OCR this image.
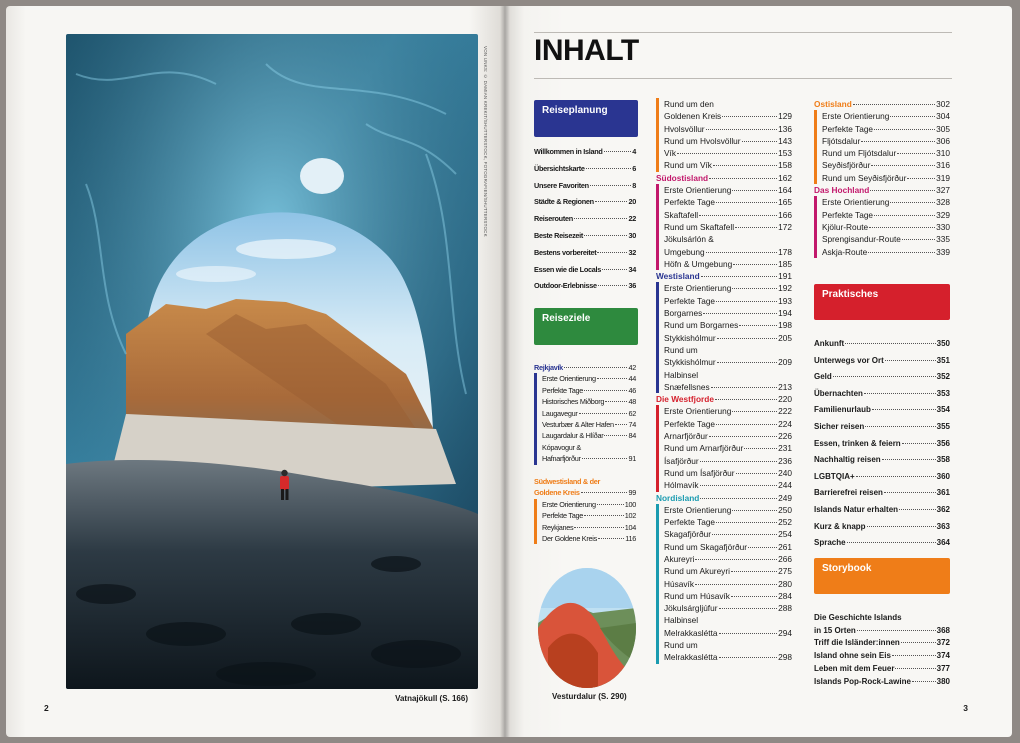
VON UNKS: © DAMIAN KREKIT/SHUTTERSTOCK, FOTOGRAFIEN/SHUTTERSTOCK
Vatnajökull (S. 166)
2
INHALT
Reiseplanung
Willkommen in Island	4
Übersichtskarte	6
Unsere Favoriten	8
Städte & Regionen	20
Reiserouten	22
Beste Reisezeit	30
Bestens vorbereitet	32
Essen wie die Locals	34
Outdoor-Erlebnisse	36
Reiseziele
Rejkjavík	42
Erste Orientierung	44
Perfekte Tage	46
Historisches Miðborg	48
Laugavegur	62
Vesturbær & Alter Hafen 74
Laugardalur & Hlíðar	84
Kópavogur &
Hafnarfjörður	91
Südwestisland & der
Goldene Kreis	99
Erste Orientierung	100
Perfekte Tage	102
Reykjanes	104
Der Goldene Kreis	116
Vesturdalur (S. 290)
Rund um den
Goldenen Kreis	129
Hvolsvöllur	136
Rund um Hvolsvöllur	143
Vík	153
Rund um Vík	158
Südostisland	162
Erste Orientierung	164
Perfekte Tage	165
Skaftafell	166
Rund um Skaftafell	172
Jökulsárlón &
Umgebung	178
Höfn & Umgebung	185
Westisland	191
Erste Orientierung	192
Perfekte Tage	193
Borgarnes	194
Rund um Borgarnes	198
Stykkishólmur	205
Rund um
Stykkishólmur	209
Halbinsel
Snæfellsnes	213
Die Westfjorde	220
Erste Orientierung	222
Perfekte Tage	224
Arnarfjörður	226
Rund um Arnarfjörður	231
Ísafjörður	236
Rund um Ísafjörður	240
Hólmavík	244
Nordisland	249
Erste Orientierung	250
Perfekte Tage	252
Skagafjörður	254
Rund um Skagafjörður	261
Akureyri	266
Rund um Akureyri	275
Húsavík	280
Rund um Húsavík	284
Jökulsárgljúfur	288
Halbinsel
Melrakkaslétta	294
Rund um
Melrakkaslétta	298
Ostisland	302
Erste Orientierung	304
Perfekte Tage	305
Fljótsdalur	306
Rund um Fljótsdalur	310
Seyðisfjörður	316
Rund um Seyðisfjörður	319
Das Hochland	327
Erste Orientierung	328
Perfekte Tage	329
Kjölur-Route	330
Sprengisandur-Route	335
Askja-Route	339
Praktisches
Ankunft	350
Unterwegs vor Ort	351
Geld	352
Übernachten	353
Familienurlaub	354
Sicher reisen	355
Essen, trinken & feiern	356
Nachhaltig reisen	358
LGBTQIA+	360
Barrierefrei reisen	361
Islands Natur erhalten	362
Kurz & knapp	363
Sprache	364
Storybook
Die Geschichte Islands
in 15 Orten	368
Triff die Isländer:innen	372
Island ohne sein Eis	374
Leben mit dem Feuer	377
Islands Pop-Rock-Lawine	380
3
